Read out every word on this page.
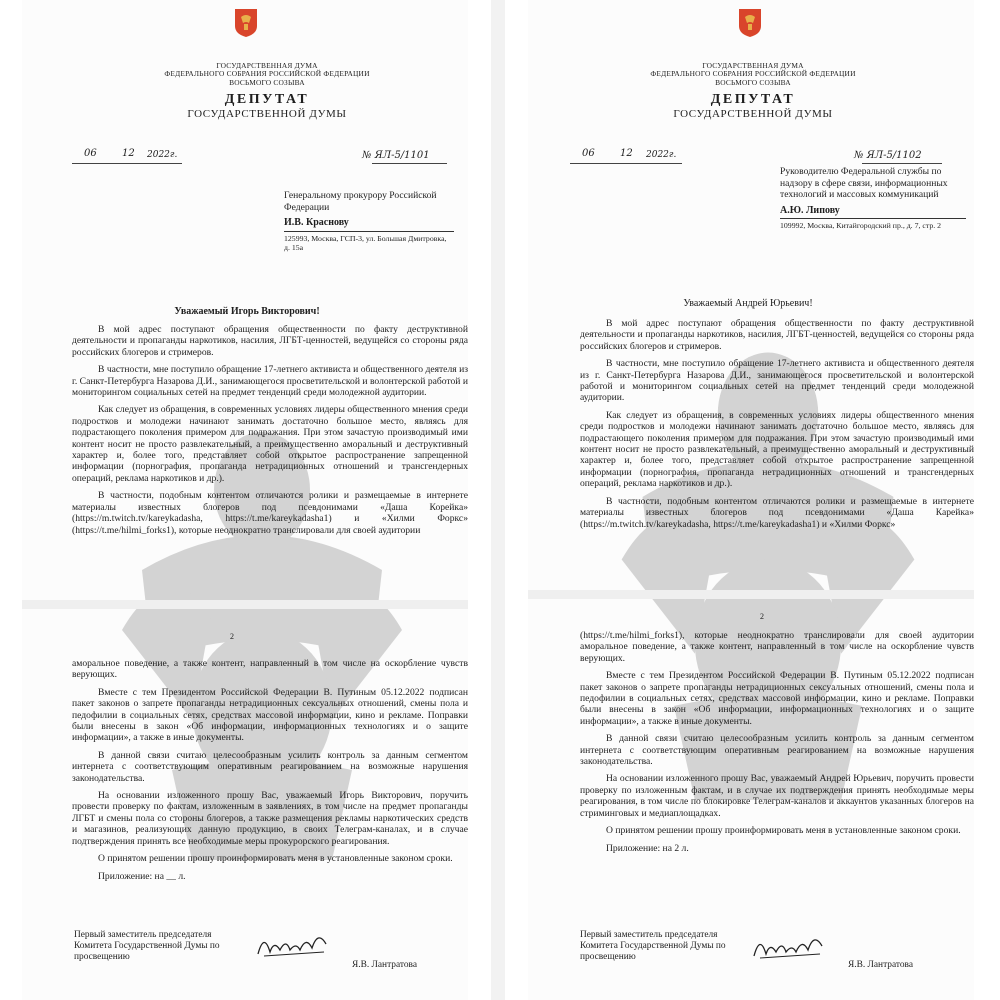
ГОСУДАРСТВЕННАЯ ДУМА
ФЕДЕРАЛЬНОГО СОБРАНИЯ РОССИЙСКОЙ ФЕДЕРАЦИИ
ВОСЬМОГО СОЗЫВА
ДЕПУТАТ
ГОСУДАРСТВЕННОЙ ДУМЫ
06	12 2022г.	№ ЯЛ-5/1101
Генеральному прокурору Российской Федерации
И.В. Краснову
125993, Москва, ГСП-3, ул. Большая Дмитровка, д. 15а
Уважаемый Игорь Викторович!

В мой адрес поступают обращения общественности по факту деструктивной деятельности и пропаганды наркотиков, насилия, ЛГБТ-ценностей, ведущейся со стороны ряда российских блогеров и стримеров.

В частности, мне поступило обращение 17-летнего активиста и общественного деятеля из г. Санкт-Петербурга Назарова Д.И., занимающегося просветительской и волонтерской работой и мониторингом социальных сетей на предмет тенденций среди молодежной аудитории.

Как следует из обращения, в современных условиях лидеры общественного мнения среди подростков и молодежи начинают занимать достаточно большое место, являясь для подрастающего поколения примером для подражания. При этом зачастую производимый ими контент носит не просто развлекательный, а преимущественно аморальный и деструктивный характер и, более того, представляет собой открытое распространение запрещенной информации (порнография, пропаганда нетрадиционных отношений и трансгендерных операций, реклама наркотиков и др.).

В частности, подобным контентом отличаются ролики и размещаемые в интернете материалы известных блогеров под псевдонимами «Даша Корейка» (https://m.twitch.tv/kareykadasha, https://t.me/kareykadasha1) и «Хилми Форкс» (https://t.me/hilmi_forks1), которые неоднократно транслировали для своей аудитории

2

аморальное поведение, а также контент, направленный в том числе на оскорбление чувств верующих.

Вместе с тем Президентом Российской Федерации В. Путиным 05.12.2022 подписан пакет законов о запрете пропаганды нетрадиционных сексуальных отношений, смены пола и педофилии в социальных сетях, средствах массовой информации, кино и рекламе. Поправки были внесены в закон «Об информации, информационных технологиях и о защите информации», а также в иные документы.

В данной связи считаю целесообразным усилить контроль за данным сегментом интернета с соответствующим оперативным реагированием на возможные нарушения законодательства.

На основании изложенного прошу Вас, уважаемый Игорь Викторович, поручить провести проверку по фактам, изложенным в заявлениях, в том числе на предмет пропаганды ЛГБТ и смены пола со стороны блогеров, а также размещения рекламы наркотических средств и магазинов, реализующих данную продукцию, в своих Телеграм-каналах, и в случае подтверждения принять все необходимые меры прокурорского реагирования.

О принятом решении прошу проинформировать меня в установленные законом сроки.

Приложение: на __ л.

Первый заместитель председателя Комитета Государственной Думы по просвещению
Я.В. Лантратова
ГОСУДАРСТВЕННАЯ ДУМА
ФЕДЕРАЛЬНОГО СОБРАНИЯ РОССИЙСКОЙ ФЕДЕРАЦИИ
ВОСЬМОГО СОЗЫВА
ДЕПУТАТ
ГОСУДАРСТВЕННОЙ ДУМЫ
06	12 2022г.	№ ЯЛ-5/1102
Руководителю Федеральной службы по надзору в сфере связи, информационных технологий и массовых коммуникаций
А.Ю. Липову
109992, Москва, Китайгородский пр., д. 7, стр. 2
Уважаемый Андрей Юрьевич!

В мой адрес поступают обращения общественности по факту деструктивной деятельности и пропаганды наркотиков, насилия, ЛГБТ-ценностей, ведущейся со стороны ряда российских блогеров и стримеров.

В частности, мне поступило обращение 17-летнего активиста и общественного деятеля из г. Санкт-Петербурга Назарова Д.И., занимающегося просветительской и волонтерской работой и мониторингом социальных сетей на предмет тенденций среди молодежной аудитории.

Как следует из обращения, в современных условиях лидеры общественного мнения среди подростков и молодежи начинают занимать достаточно большое место, являясь для подрастающего поколения примером для подражания. При этом зачастую производимый ими контент носит не просто развлекательный, а преимущественно аморальный и деструктивный характер и, более того, представляет собой открытое распространение запрещенной информации (порнография, пропаганда нетрадиционных отношений и трансгендерных операций, реклама наркотиков и др.).

В частности, подобным контентом отличаются ролики и размещаемые в интернете материалы известных блогеров под псевдонимами «Даша Карейка» (https://m.twitch.tv/kareykadasha, https://t.me/kareykadasha1) и «Хилми Форкс»

2

(https://t.me/hilmi_forks1), которые неоднократно транслировали для своей аудитории аморальное поведение, а также контент, направленный в том числе на оскорбление чувств верующих.

Вместе с тем Президентом Российской Федерации В. Путиным 05.12.2022 подписан пакет законов о запрете пропаганды нетрадиционных сексуальных отношений, смены пола и педофилии в социальных сетях, средствах массовой информации, кино и рекламе. Поправки были внесены в закон «Об информации, информационных технологиях и о защите информации», а также в иные документы.

В данной связи считаю целесообразным усилить контроль за данным сегментом интернета с соответствующим оперативным реагированием на возможные нарушения законодательства.

На основании изложенного прошу Вас, уважаемый Андрей Юрьевич, поручить провести проверку по изложенным фактам, и в случае их подтверждения принять необходимые меры реагирования, в том числе по блокировке Телеграм-каналов и аккаунтов указанных блогеров на стриминговых и медиаплощадках.

О принятом решении прошу проинформировать меня в установленные законом сроки.

Приложение: на 2 л.

Первый заместитель председателя Комитета Государственной Думы по просвещению
Я.В. Лантратова
